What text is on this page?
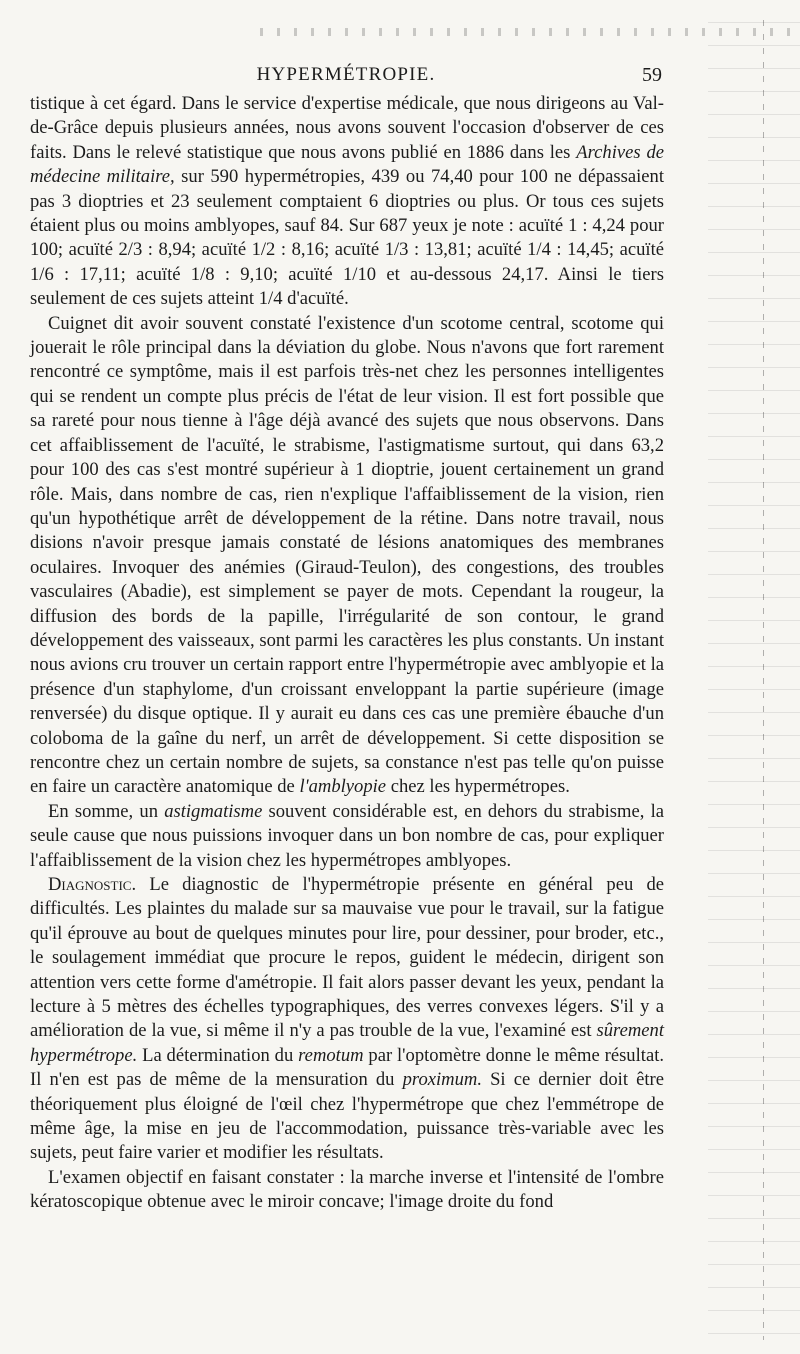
HYPERMÉTROPIE.	59

tistique à cet égard. Dans le service d'expertise médicale, que nous dirigeons au Val-de-Grâce depuis plusieurs années, nous avons souvent l'occasion d'observer de ces faits. Dans le relevé statistique que nous avons publié en 1886 dans les Archives de médecine militaire, sur 590 hypermétropies, 439 ou 74,40 pour 100 ne dépassaient pas 3 dioptries et 23 seulement comptaient 6 dioptries ou plus. Or tous ces sujets étaient plus ou moins amblyopes, sauf 84. Sur 687 yeux je note : acuïté 1 : 4,24 pour 100; acuïté 2/3 : 8,94; acuïté 1/2 : 8,16; acuïté 1/3 : 13,81; acuïté 1/4 : 14,45; acuïté 1/6 : 17,11; acuïté 1/8 : 9,10; acuïté 1/10 et au-dessous 24,17. Ainsi le tiers seulement de ces sujets atteint 1/4 d'acuïté.

Cuignet dit avoir souvent constaté l'existence d'un scotome central, scotome qui jouerait le rôle principal dans la déviation du globe. Nous n'avons que fort rarement rencontré ce symptôme, mais il est parfois très-net chez les personnes intelligentes qui se rendent un compte plus précis de l'état de leur vision. Il est fort possible que sa rareté pour nous tienne à l'âge déjà avancé des sujets que nous observons. Dans cet affaiblissement de l'acuïté, le strabisme, l'astigmatisme surtout, qui dans 63,2 pour 100 des cas s'est montré supérieur à 1 dioptrie, jouent certainement un grand rôle. Mais, dans nombre de cas, rien n'explique l'affaiblissement de la vision, rien qu'un hypothétique arrêt de développement de la rétine. Dans notre travail, nous disions n'avoir presque jamais constaté de lésions anatomiques des membranes oculaires. Invoquer des anémies (Giraud-Teulon), des congestions, des troubles vasculaires (Abadie), est simplement se payer de mots. Cependant la rougeur, la diffusion des bords de la papille, l'irrégularité de son contour, le grand développement des vaisseaux, sont parmi les caractères les plus constants. Un instant nous avions cru trouver un certain rapport entre l'hypermétropie avec amblyopie et la présence d'un staphylome, d'un croissant enveloppant la partie supérieure (image renversée) du disque optique. Il y aurait eu dans ces cas une première ébauche d'un coloboma de la gaîne du nerf, un arrêt de développement. Si cette disposition se rencontre chez un certain nombre de sujets, sa constance n'est pas telle qu'on puisse en faire un caractère anatomique de l'amblyopie chez les hypermétropes.

En somme, un astigmatisme souvent considérable est, en dehors du strabisme, la seule cause que nous puissions invoquer dans un bon nombre de cas, pour expliquer l'affaiblissement de la vision chez les hypermétropes amblyopes.

Diagnostic. Le diagnostic de l'hypermétropie présente en général peu de difficultés. Les plaintes du malade sur sa mauvaise vue pour le travail, sur la fatigue qu'il éprouve au bout de quelques minutes pour lire, pour dessiner, pour broder, etc., le soulagement immédiat que procure le repos, guident le médecin, dirigent son attention vers cette forme d'amétropie. Il fait alors passer devant les yeux, pendant la lecture à 5 mètres des échelles typographiques, des verres convexes légers. S'il y a amélioration de la vue, si même il n'y a pas trouble de la vue, l'examiné est sûrement hypermétrope. La détermination du remotum par l'optomètre donne le même résultat. Il n'en est pas de même de la mensuration du proximum. Si ce dernier doit être théoriquement plus éloigné de l'œil chez l'hypermétrope que chez l'emmétrope de même âge, la mise en jeu de l'accommodation, puissance très-variable avec les sujets, peut faire varier et modifier les résultats.

L'examen objectif en faisant constater : la marche inverse et l'intensité de l'ombre kératoscopique obtenue avec le miroir concave; l'image droite du fond
